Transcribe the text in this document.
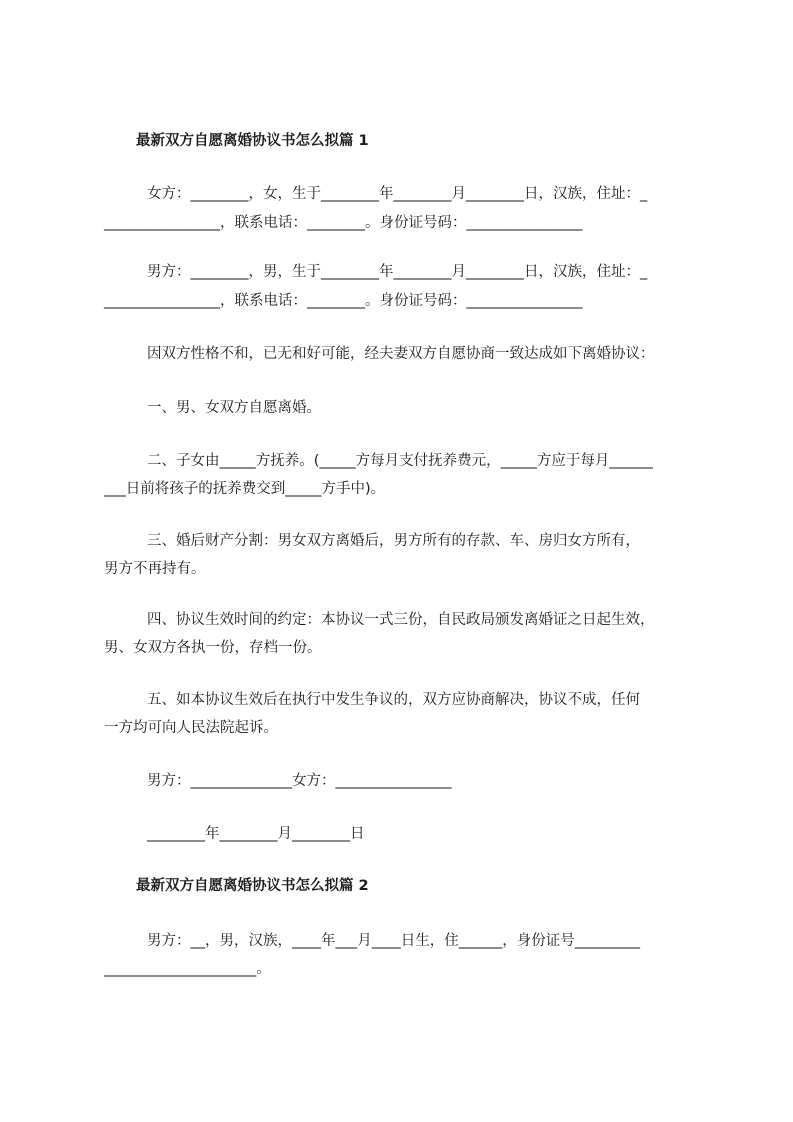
最新双方自愿离婚协议书怎么拟篇 1
女方：________，女，生于________年________月________日，汉族，住址：_
________________，联系电话：________。身份证号码：________________
男方：________，男，生于________年________月________日，汉族，住址：_
________________，联系电话：________。身份证号码：________________
因双方性格不和，已无和好可能，经夫妻双方自愿协商一致达成如下离婚协议：
一、男、女双方自愿离婚。
二、子女由_____方抚养。(_____方每月支付抚养费元，_____方应于每月______
___日前将孩子的抚养费交到_____方手中)。
三、婚后财产分割：男女双方离婚后，男方所有的存款、车、房归女方所有，
男方不再持有。
四、协议生效时间的约定：本协议一式三份，自民政局颁发离婚证之日起生效，
男、女双方各执一份，存档一份。
五、如本协议生效后在执行中发生争议的，双方应协商解决，协议不成，任何
一方均可向人民法院起诉。
男方：______________女方：________________
________年________月________日
最新双方自愿离婚协议书怎么拟篇 2
男方：__，男，汉族，____年___月____日生，住______，身份证号_________
_____________________。
